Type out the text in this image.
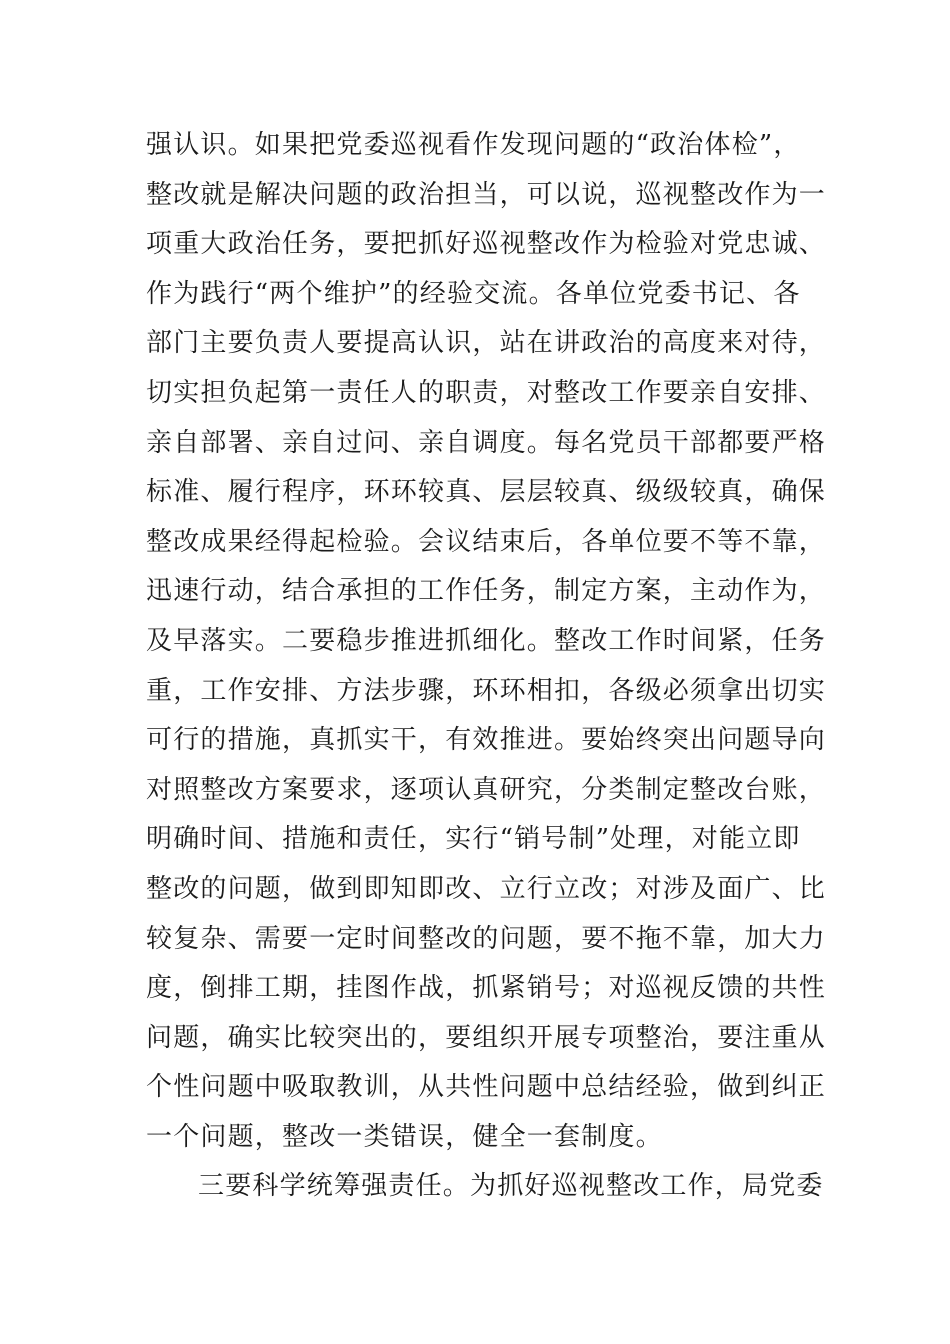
强认识。如果把党委巡视看作发现问题的“政治体检”，
整改就是解决问题的政治担当，可以说，巡视整改作为一
项重大政治任务，要把抓好巡视整改作为检验对党忠诚、
作为践行“两个维护”的经验交流。各单位党委书记、各
部门主要负责人要提高认识，站在讲政治的高度来对待，
切实担负起第一责任人的职责，对整改工作要亲自安排、
亲自部署、亲自过问、亲自调度。每名党员干部都要严格
标准、履行程序，环环较真、层层较真、级级较真，确保
整改成果经得起检验。会议结束后，各单位要不等不靠，
迅速行动，结合承担的工作任务，制定方案，主动作为，
及早落实。二要稳步推进抓细化。整改工作时间紧，任务
重，工作安排、方法步骤，环环相扣，各级必须拿出切实
可行的措施，真抓实干，有效推进。要始终突出问题导向
对照整改方案要求，逐项认真研究，分类制定整改台账，
明确时间、措施和责任，实行“销号制”处理，对能立即
整改的问题，做到即知即改、立行立改；对涉及面广、比
较复杂、需要一定时间整改的问题，要不拖不靠，加大力
度，倒排工期，挂图作战，抓紧销号；对巡视反馈的共性
问题，确实比较突出的，要组织开展专项整治，要注重从
个性问题中吸取教训，从共性问题中总结经验，做到纠正
一个问题，整改一类错误，健全一套制度。
三要科学统筹强责任。为抓好巡视整改工作，局党委
